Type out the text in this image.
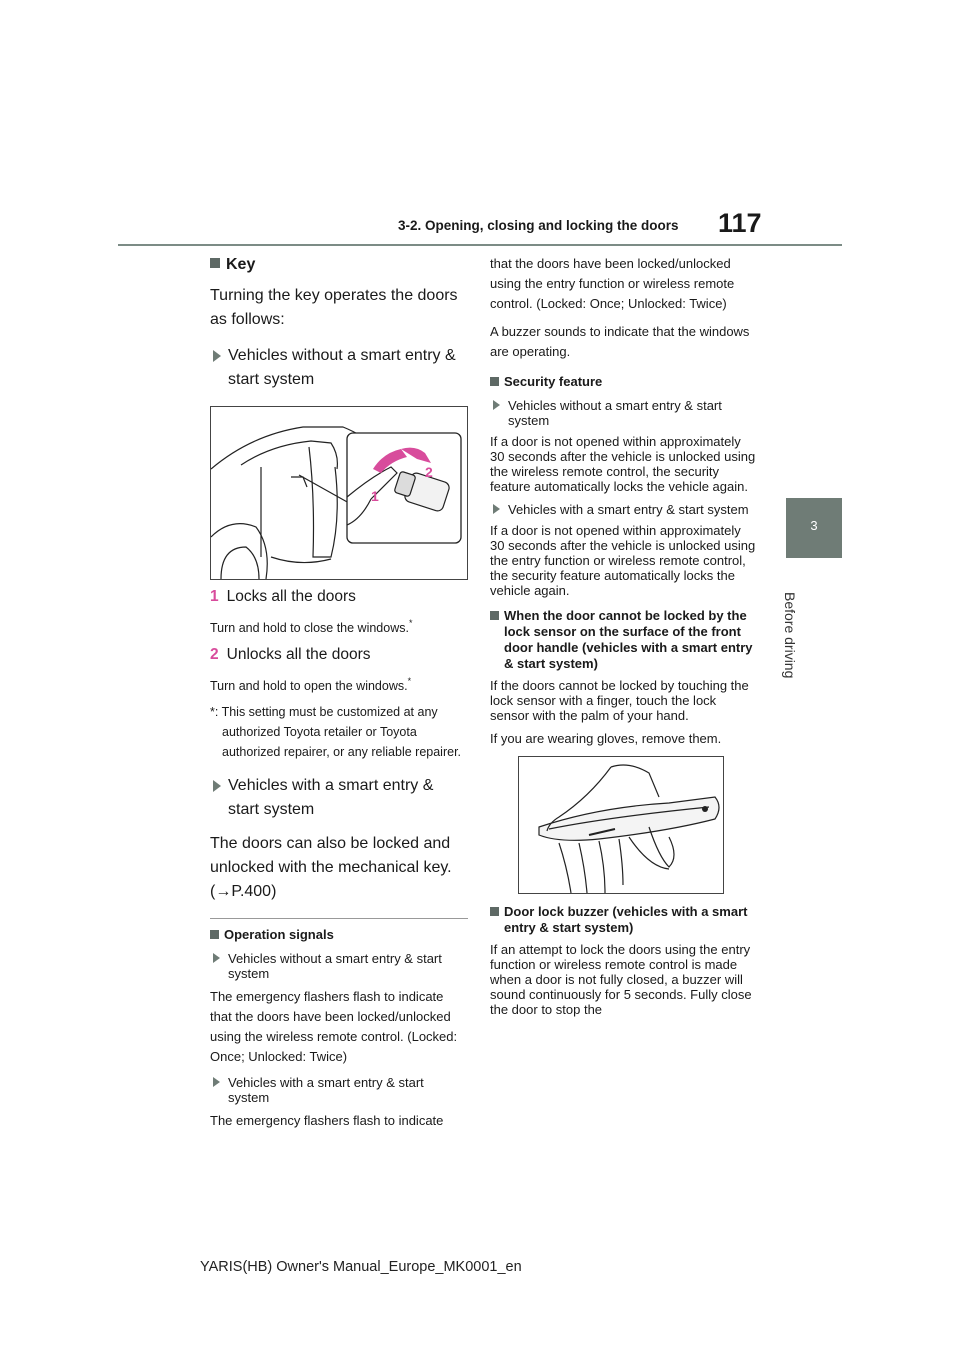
3-2. Opening, closing and locking the doors 117
3
Before driving

Key

Turning the key operates the doors as follows:

Vehicles without a smart entry & start system

2
1

1 Locks all the doors

Turn and hold to close the windows.*

2 Unlocks all the doors

Turn and hold to open the windows.*

*: This setting must be customized at any authorized Toyota retailer or Toyota authorized repairer, or any reliable repairer.

Vehicles with a smart entry & start system

The doors can also be locked and unlocked with the mechanical key.

(→P.400)

Operation signals

Vehicles without a smart entry & start system

The emergency flashers flash to indicate that the doors have been locked/unlocked using the wireless remote control. (Locked: Once; Unlocked: Twice)

Vehicles with a smart entry & start system

The emergency flashers flash to indicate

that the doors have been locked/unlocked using the entry function or wireless remote control. (Locked: Once; Unlocked: Twice)

A buzzer sounds to indicate that the windows are operating.

Security feature

Vehicles without a smart entry & start system

If a door is not opened within approximately 30 seconds after the vehicle is unlocked using the wireless remote control, the security feature automatically locks the vehicle again.

Vehicles with a smart entry & start system

If a door is not opened within approximately 30 seconds after the vehicle is unlocked using the entry function or wireless remote control, the security feature automatically locks the vehicle again.

When the door cannot be locked by the lock sensor on the surface of the front door handle (vehicles with a smart entry & start system)

If the doors cannot be locked by touching the lock sensor with a finger, touch the lock sensor with the palm of your hand.

If you are wearing gloves, remove them.

Door lock buzzer (vehicles with a smart entry & start system)

If an attempt to lock the doors using the entry function or wireless remote control is made when a door is not fully closed, a buzzer will sound continuously for 5 seconds. Fully close the door to stop the

YARIS(HB) Owner's Manual_Europe_MK0001_en
